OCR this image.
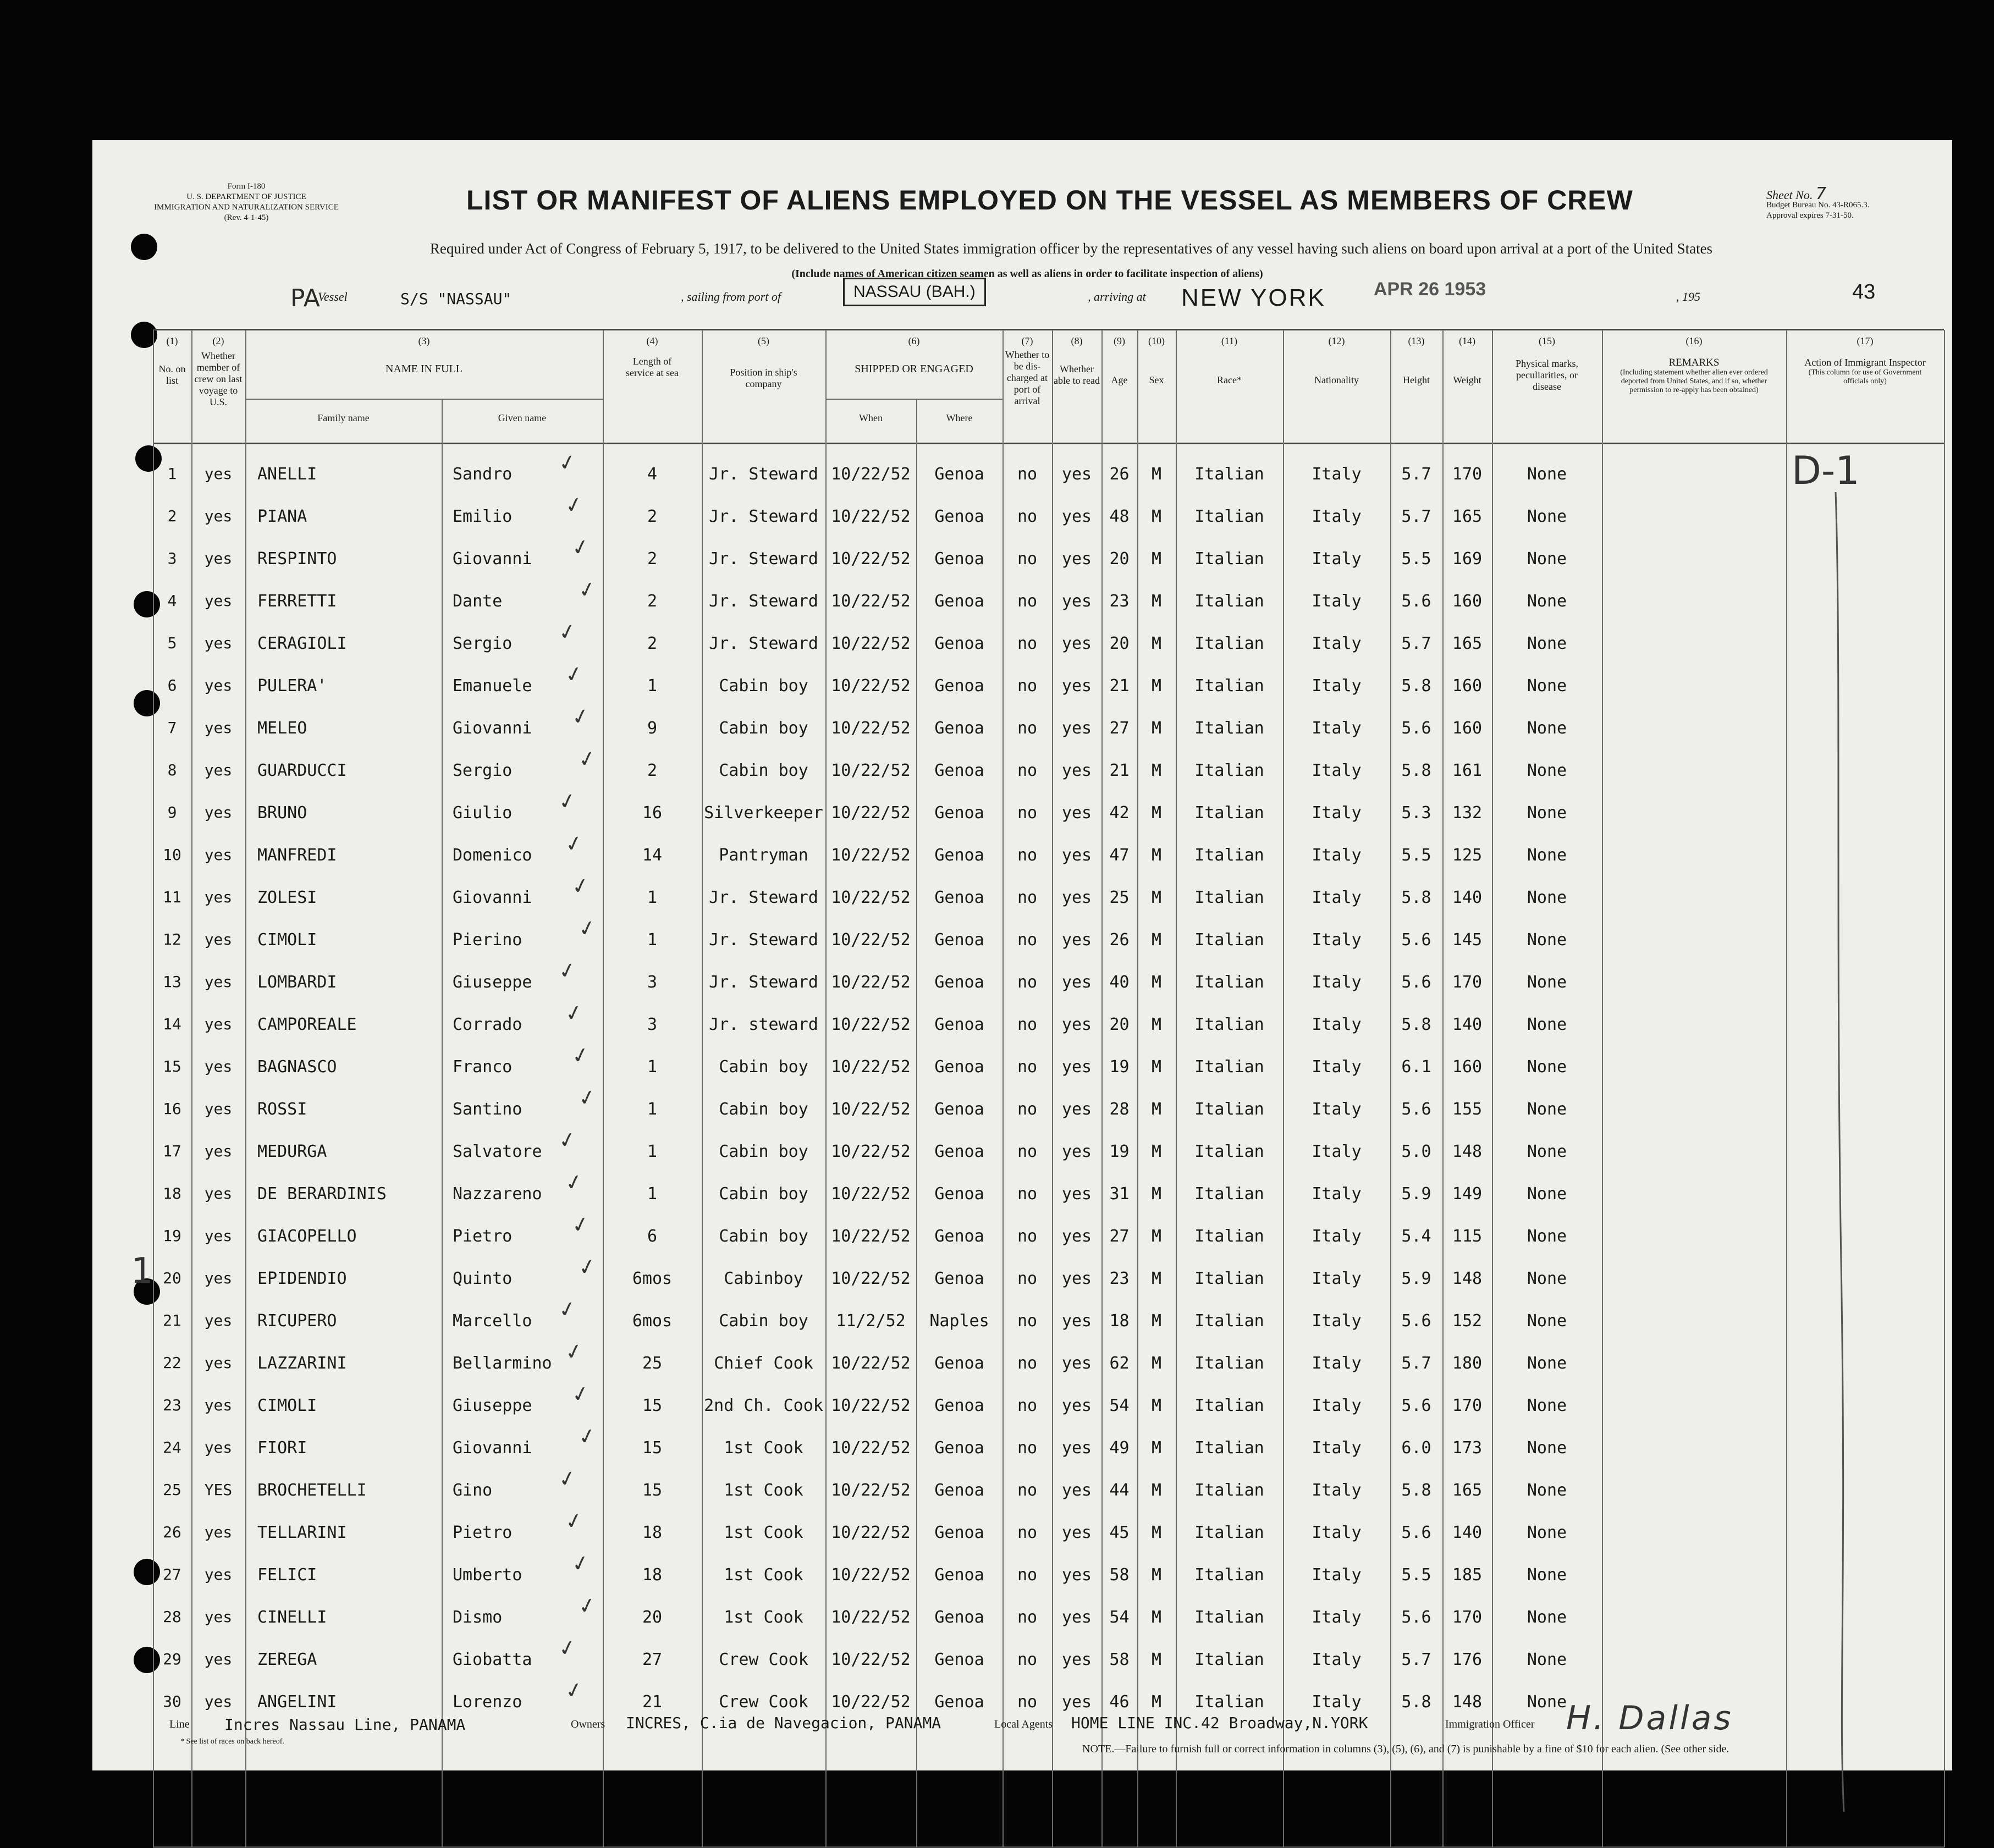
Form I-180
U. S. DEPARTMENT OF JUSTICE
IMMIGRATION AND NATURALIZATION SERVICE
(Rev. 4-1-45)
LIST OR MANIFEST OF ALIENS EMPLOYED ON THE VESSEL AS MEMBERS OF CREW	Sheet No. 7
Budget Bureau No. 43-R065.3.
Approval expires 7-31-50.
Required under Act of Congress of February 5, 1917, to be delivered to the United States immigration officer by the representatives of any vessel having such aliens on board upon arrival at a port of the United States
(Include names of American citizen seamen as well as aliens in order to facilitate inspection of aliens)
PA
Vessel	S/S "NASSAU"	, sailing from port of	NASSAU (BAH.)	, arriving at NEW YORK	APR 26 1953	, 195	43
(1)
No. on list
(2)
Whether member of crew on last voyage to U.S.
(3)
NAME IN FULL
Family name	Given name
(4)
Length of service at sea
(5)
Position in ship's company
(6)
SHIPPED OR ENGAGED
When	Where
(7)
Whether to be dis-charged at port of arrival
(8)
Whether able to read
(9)
Age
(10)
Sex
(11)
Race*
(12)
Nationality
(13)
Height
(14)
Weight
(15)
Physical marks, peculiarities, or disease
(16)
REMARKS
(Including statement whether alien ever ordered deported from United States, and if so, whether permission to re-apply has been obtained)
(17)
Action of Immigrant Inspector
(This column for use of Government officials only)
1	yes	ANELLI	Sandro	4	Jr. Steward 10/22/52	Genoa	no	yes	26	M	Italian	Italy	5.7	170	None
✓
2	yes	PIANA	Emilio	2	Jr. Steward 10/22/52	Genoa	no	yes	48	M	Italian	Italy	5.7	165	None
✓
3	yes	RESPINTO	Giovanni	2	Jr. Steward 10/22/52	Genoa	no	yes	20	M	Italian	Italy	5.5	169	None
✓
4	yes	FERRETTI	Dante	2	Jr. Steward 10/22/52	Genoa	no	yes	23	M	Italian	Italy	5.6	160	None
✓
5	yes	CERAGIOLI	Sergio	2	Jr. Steward 10/22/52	Genoa	no	yes	20	M	Italian	Italy	5.7	165	None
✓
6	yes	PULERA'	Emanuele	1	Cabin boy	10/22/52	Genoa	no	yes	21	M	Italian	Italy	5.8	160	None
✓
7	yes	MELEO	Giovanni	9	Cabin boy	10/22/52	Genoa	no	yes	27	M	Italian	Italy	5.6	160	None
✓
8	yes	GUARDUCCI	Sergio	2	Cabin boy	10/22/52	Genoa	no	yes	21	M	Italian	Italy	5.8	161	None
✓
9	yes	BRUNO	Giulio	16	Silverkeeper 10/22/52	Genoa	no	yes	42	M	Italian	Italy	5.3	132	None
✓
10	yes	MANFREDI	Domenico	14	Pantryman	10/22/52	Genoa	no	yes	47	M	Italian	Italy	5.5	125	None
✓
11	yes	ZOLESI	Giovanni	1	Jr. Steward 10/22/52	Genoa	no	yes	25	M	Italian	Italy	5.8	140	None
✓
12	yes	CIMOLI	Pierino	1	Jr. Steward 10/22/52	Genoa	no	yes	26	M	Italian	Italy	5.6	145	None
✓
13	yes	LOMBARDI	Giuseppe	3	Jr. Steward 10/22/52	Genoa	no	yes	40	M	Italian	Italy	5.6	170	None
✓
14	yes	CAMPOREALE	Corrado	3	Jr. steward 10/22/52	Genoa	no	yes	20	M	Italian	Italy	5.8	140	None
✓
15	yes	BAGNASCO	Franco	1	Cabin boy	10/22/52	Genoa	no	yes	19	M	Italian	Italy	6.1	160	None
✓
16	yes	ROSSI	Santino	1	Cabin boy	10/22/52	Genoa	no	yes	28	M	Italian	Italy	5.6	155	None
✓
17	yes	MEDURGA	Salvatore	1	Cabin boy	10/22/52	Genoa	no	yes	19	M	Italian	Italy	5.0	148	None
✓
18	yes	DE BERARDINIS	Nazzareno	1	Cabin boy	10/22/52	Genoa	no	yes	31	M	Italian	Italy	5.9	149	None
✓
19	yes	GIACOPELLO	Pietro	6	Cabin boy	10/22/52	Genoa	no	yes	27	M	Italian	Italy	5.4	115	None
✓
20	yes	EPIDENDIO	Quinto	6mos	Cabinboy	10/22/52	Genoa	no	yes	23	M	Italian	Italy	5.9	148	None
✓
21	yes	RICUPERO	Marcello	6mos	Cabin boy	11/2/52	Naples	no	yes	18	M	Italian	Italy	5.6	152	None
✓
22	yes	LAZZARINI	Bellarmino	25	Chief Cook	10/22/52	Genoa	no	yes	62	M	Italian	Italy	5.7	180	None
✓
23	yes	CIMOLI	Giuseppe	15	2nd Ch. Cook 10/22/52	Genoa	no	yes	54	M	Italian	Italy	5.6	170	None
✓
24	yes	FIORI	Giovanni	15	1st Cook	10/22/52	Genoa	no	yes	49	M	Italian	Italy	6.0	173	None
✓
25	YES	BROCHETELLI	Gino	15	1st Cook	10/22/52	Genoa	no	yes	44	M	Italian	Italy	5.8	165	None
✓
26	yes	TELLARINI	Pietro	18	1st Cook	10/22/52	Genoa	no	yes	45	M	Italian	Italy	5.6	140	None
✓
27	yes	FELICI	Umberto	18	1st Cook	10/22/52	Genoa	no	yes	58	M	Italian	Italy	5.5	185	None
✓
28	yes	CINELLI	Dismo	20	1st Cook	10/22/52	Genoa	no	yes	54	M	Italian	Italy	5.6	170	None
✓
29	yes	ZEREGA	Giobatta	27	Crew Cook	10/22/52	Genoa	no	yes	58	M	Italian	Italy	5.7	176	None
✓
30	yes	ANGELINI	Lorenzo	21	Crew Cook	10/22/52	Genoa	no	yes	46	M	Italian	Italy	5.8	148	None
✓
D-1
1
Line Incres Nassau Line, PANAMA
* See list of races on back hereof.
Owners INCRES, C.ia de Navegacion, PANAMA	Local Agents HOME LINE INC.42 Broadway,N.YORK	Immigration Officer H. Dallas
NOTE.—Failure to furnish full or correct information in columns (3), (5), (6), and (7) is punishable by a fine of $10 for each alien. (See other side.
